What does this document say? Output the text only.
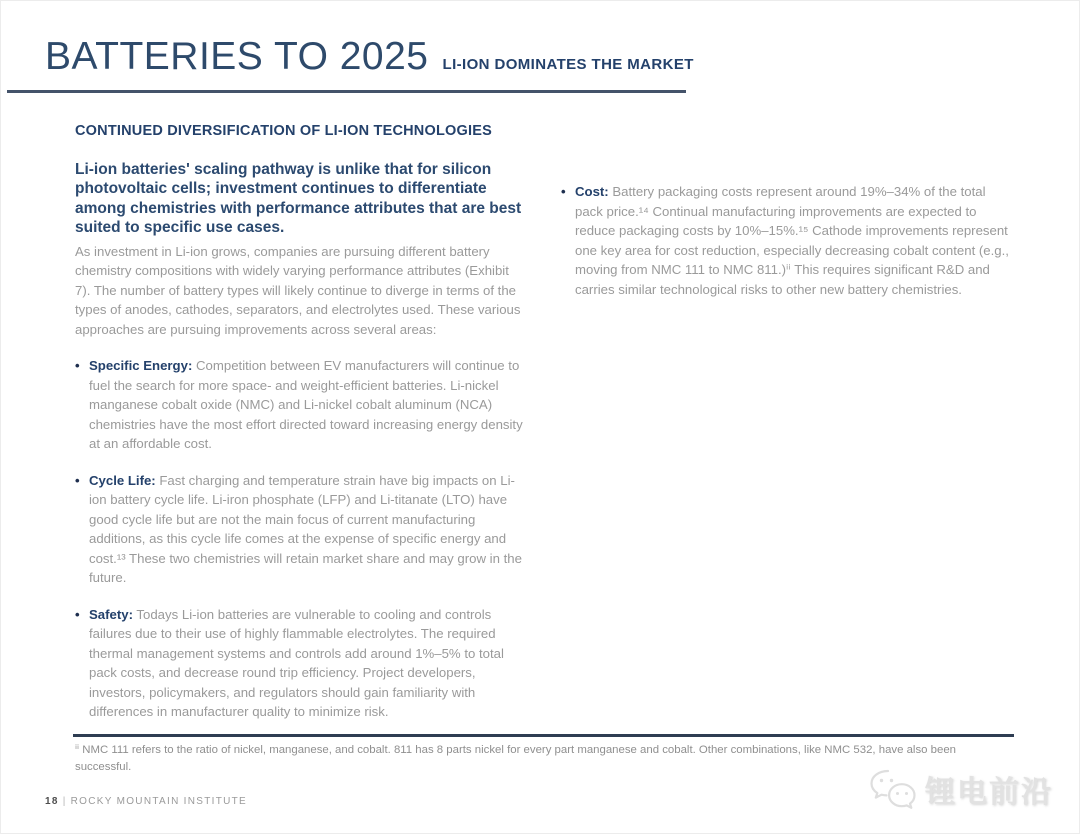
BATTERIES TO 2025 LI-ION DOMINATES THE MARKET
CONTINUED DIVERSIFICATION OF LI-ION TECHNOLOGIES

Li-ion batteries' scaling pathway is unlike that for silicon photovoltaic cells; investment continues to differentiate among chemistries with performance attributes that are best suited to specific use cases.

As investment in Li-ion grows, companies are pursuing different battery chemistry compositions with widely varying performance attributes (Exhibit 7). The number of battery types will likely continue to diverge in terms of the types of anodes, cathodes, separators, and electrolytes used. These various approaches are pursuing improvements across several areas:

•

Specific Energy: Competition between EV manufacturers will continue to fuel the search for more space- and weight-efficient batteries. Li-nickel manganese cobalt oxide (NMC) and Li-nickel cobalt aluminum (NCA) chemistries have the most effort directed toward increasing energy density at an affordable cost.

•

Cycle Life: Fast charging and temperature strain have big impacts on Li-ion battery cycle life. Li-iron phosphate (LFP) and Li-titanate (LTO) have good cycle life but are not the main focus of current manufacturing additions, as this cycle life comes at the expense of specific energy and cost.¹³ These two chemistries will retain market share and may grow in the future.

•

Safety: Todays Li-ion batteries are vulnerable to cooling and controls failures due to their use of highly flammable electrolytes. The required thermal management systems and controls add around 1%–5% to total pack costs, and decrease round trip efficiency. Project developers, investors, policymakers, and regulators should gain familiarity with differences in manufacturer quality to minimize risk.

•

Cost: Battery packaging costs represent around 19%–34% of the total pack price.¹⁴ Continual manufacturing improvements are expected to reduce packaging costs by 10%–15%.¹⁵ Cathode improvements represent one key area for cost reduction, especially decreasing cobalt content (e.g., moving from NMC 111 to NMC 811.)ⁱⁱ This requires significant R&D and carries similar technological risks to other new battery chemistries.

ⁱⁱ NMC 111 refers to the ratio of nickel, manganese, and cobalt. 811 has 8 parts nickel for every part manganese and cobalt. Other combinations, like NMC 532, have also been successful.

18 | ROCKY MOUNTAIN INSTITUTE	锂电前沿
